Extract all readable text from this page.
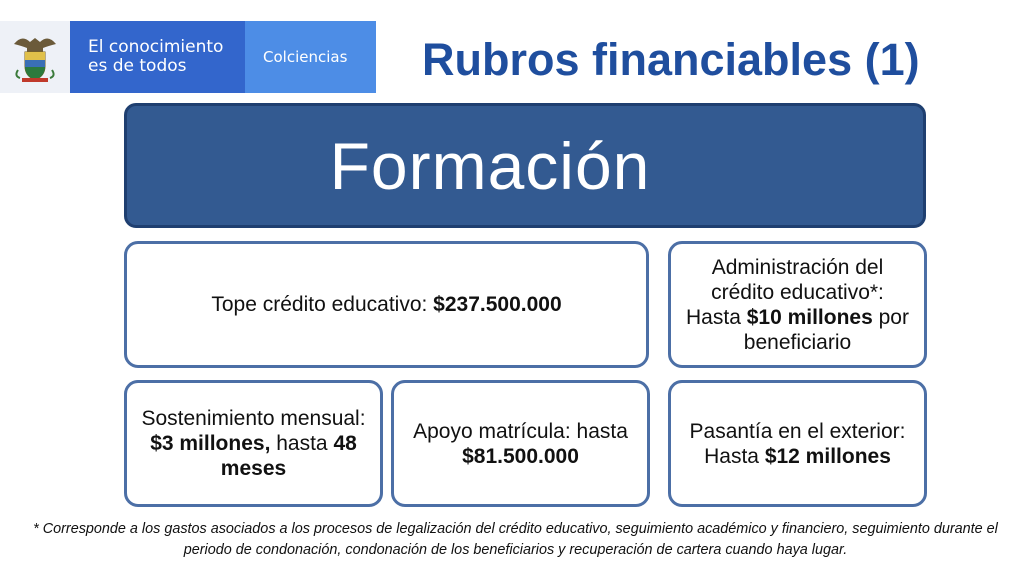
El conocimiento
es de todos	Colciencias Rubros financiables (1)
Formación
Tope crédito educativo: $237.500.000
Administración del crédito educativo*: Hasta $10 millones por beneficiario
Sostenimiento mensual: $3 millones, hasta 48 meses
Apoyo matrícula: hasta $81.500.000
Pasantía en el exterior: Hasta $12 millones
* Corresponde a los gastos asociados a los procesos de legalización del crédito educativo, seguimiento académico y financiero, seguimiento durante el periodo de condonación, condonación de los beneficiarios y recuperación de cartera cuando haya lugar.
